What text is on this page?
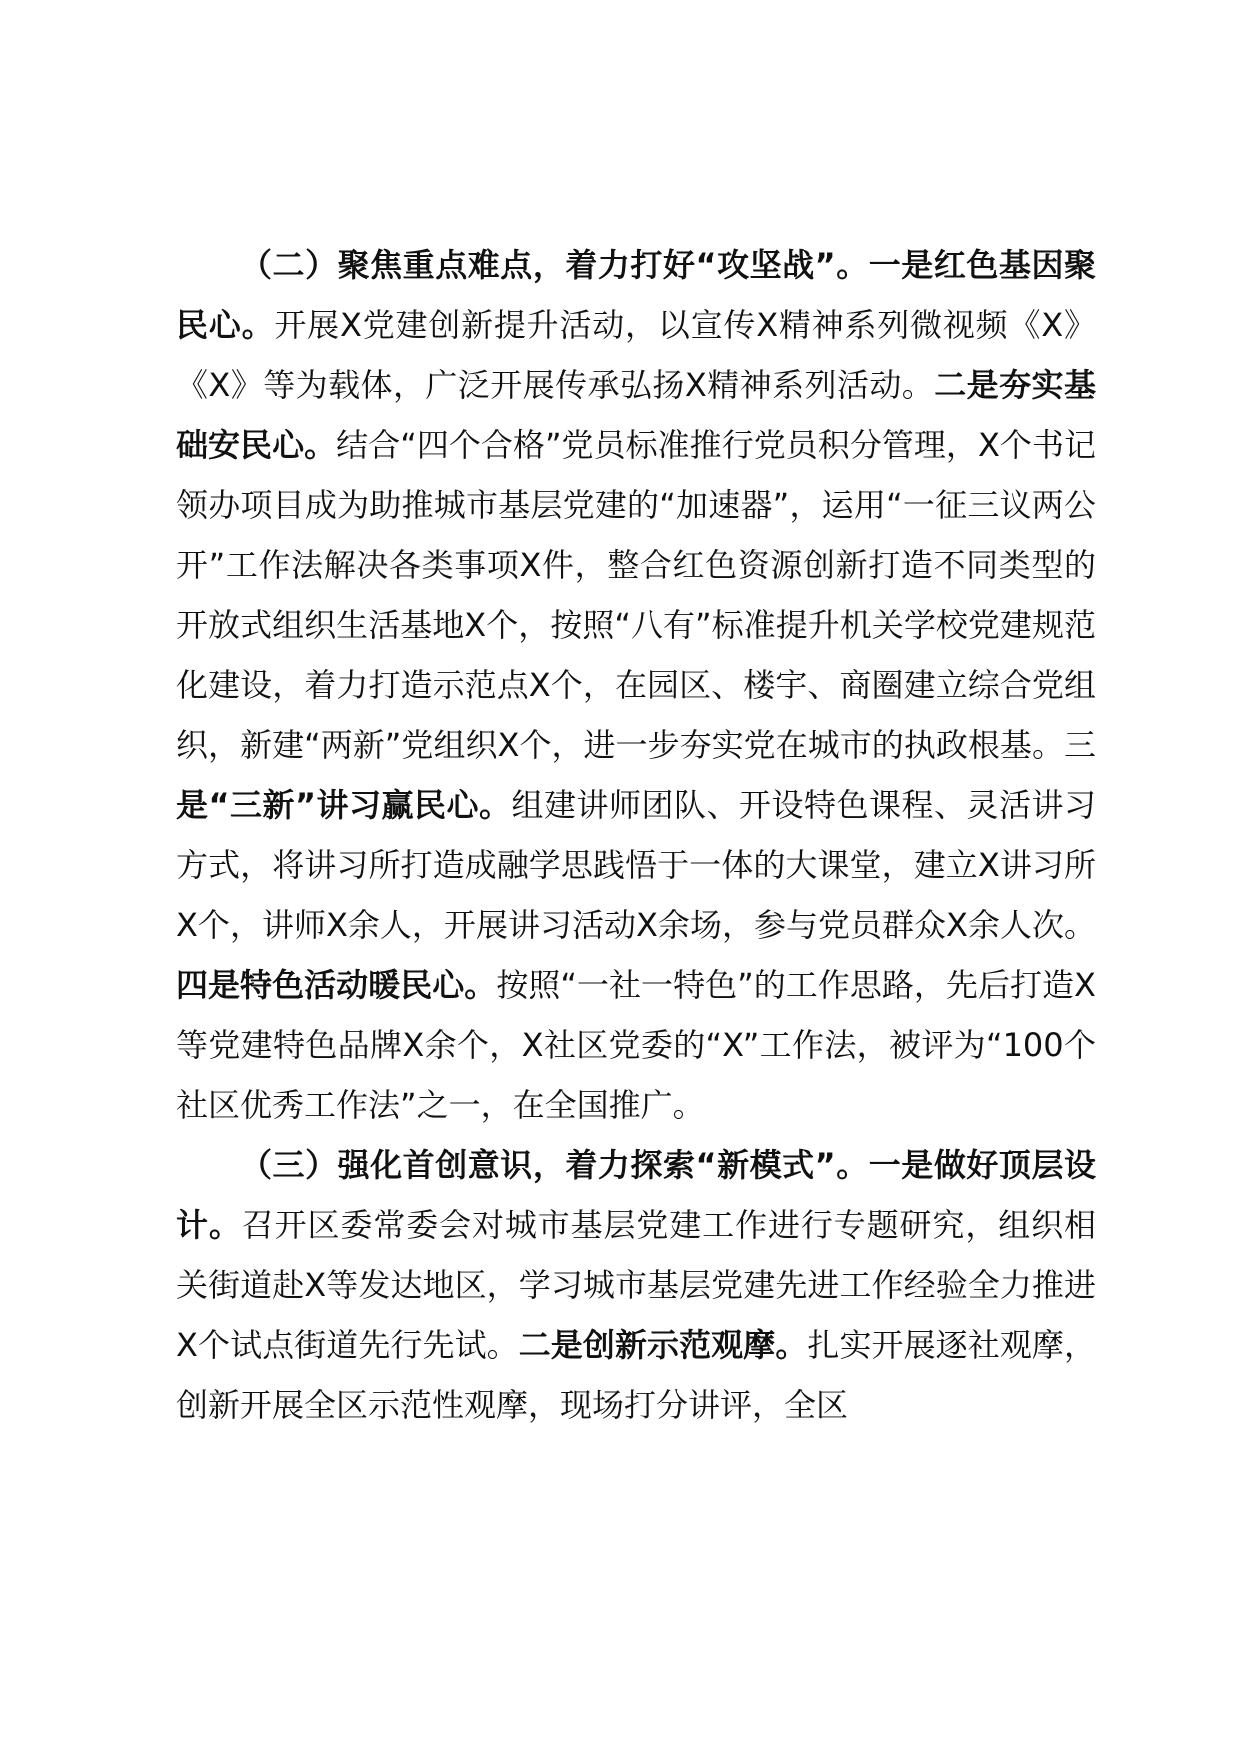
（二）聚焦重点难点，着力打好“攻坚战”。一是红色基因聚民心。开展X党建创新提升活动，以宣传X精神系列微视频《X》《X》等为载体，广泛开展传承弘扬X精神系列活动。二是夯实基础安民心。结合“四个合格”党员标准推行党员积分管理，X个书记领办项目成为助推城市基层党建的“加速器”，运用“一征三议两公开”工作法解决各类事项X件，整合红色资源创新打造不同类型的开放式组织生活基地X个，按照“八有”标准提升机关学校党建规范化建设，着力打造示范点X个，在园区、楼宇、商圈建立综合党组织，新建“两新”党组织X个，进一步夯实党在城市的执政根基。三是“三新”讲习赢民心。组建讲师团队、开设特色课程、灵活讲习方式，将讲习所打造成融学思践悟于一体的大课堂，建立X讲习所X个，讲师X余人，开展讲习活动X余场，参与党员群众X余人次。四是特色活动暖民心。按照“一社一特色”的工作思路，先后打造X等党建特色品牌X余个，X社区党委的“X”工作法，被评为“100个社区优秀工作法”之一，在全国推广。

（三）强化首创意识，着力探索“新模式”。一是做好顶层设计。召开区委常委会对城市基层党建工作进行专题研究，组织相关街道赴X等发达地区，学习城市基层党建先进工作经验全力推进X个试点街道先行先试。二是创新示范观摩。扎实开展逐社观摩，创新开展全区示范性观摩，现场打分讲评，全区
